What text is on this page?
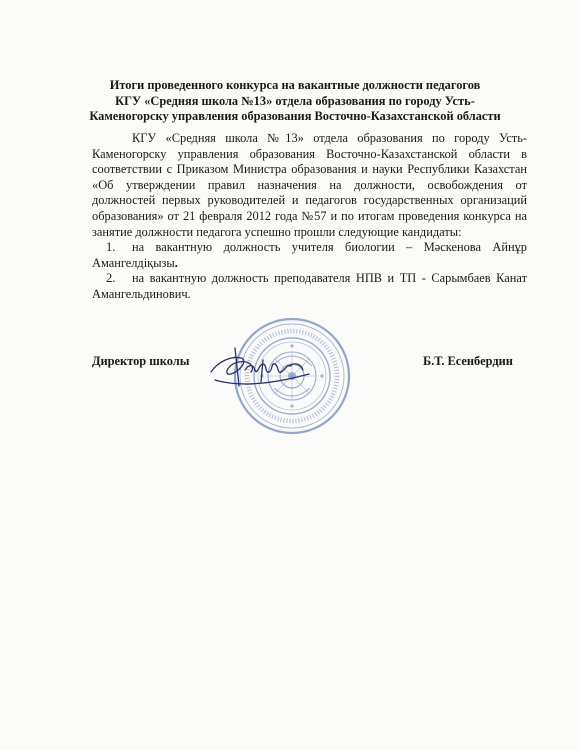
Итоги проведенного конкурса на вакантные должности педагогов
КГУ «Средняя школа №13» отдела образования по городу Усть-
Каменогорску управления образования Восточно-Казахстанской области

КГУ «Средняя школа №13» отдела образования по городу Усть-Каменогорску управления образования Восточно-Казахстанской области в соответствии с Приказом Министра образования и науки Республики Казахстан «Об утверждении правил назначения на должности, освобождения от должностей первых руководителей и педагогов государственных организаций образования» от 21 февраля 2012 года №57 и по итогам проведения конкурса на занятие должности педагога успешно прошли следующие кандидаты:

1. на вакантную должность учителя биологии – Мәскенова Айнұр Амангелдіқызы.

2. на вакантную должность преподавателя НПВ и ТП - Сарымбаев Канат Амангельдинович.

Директор школы	Б.Т. Есенбердин
